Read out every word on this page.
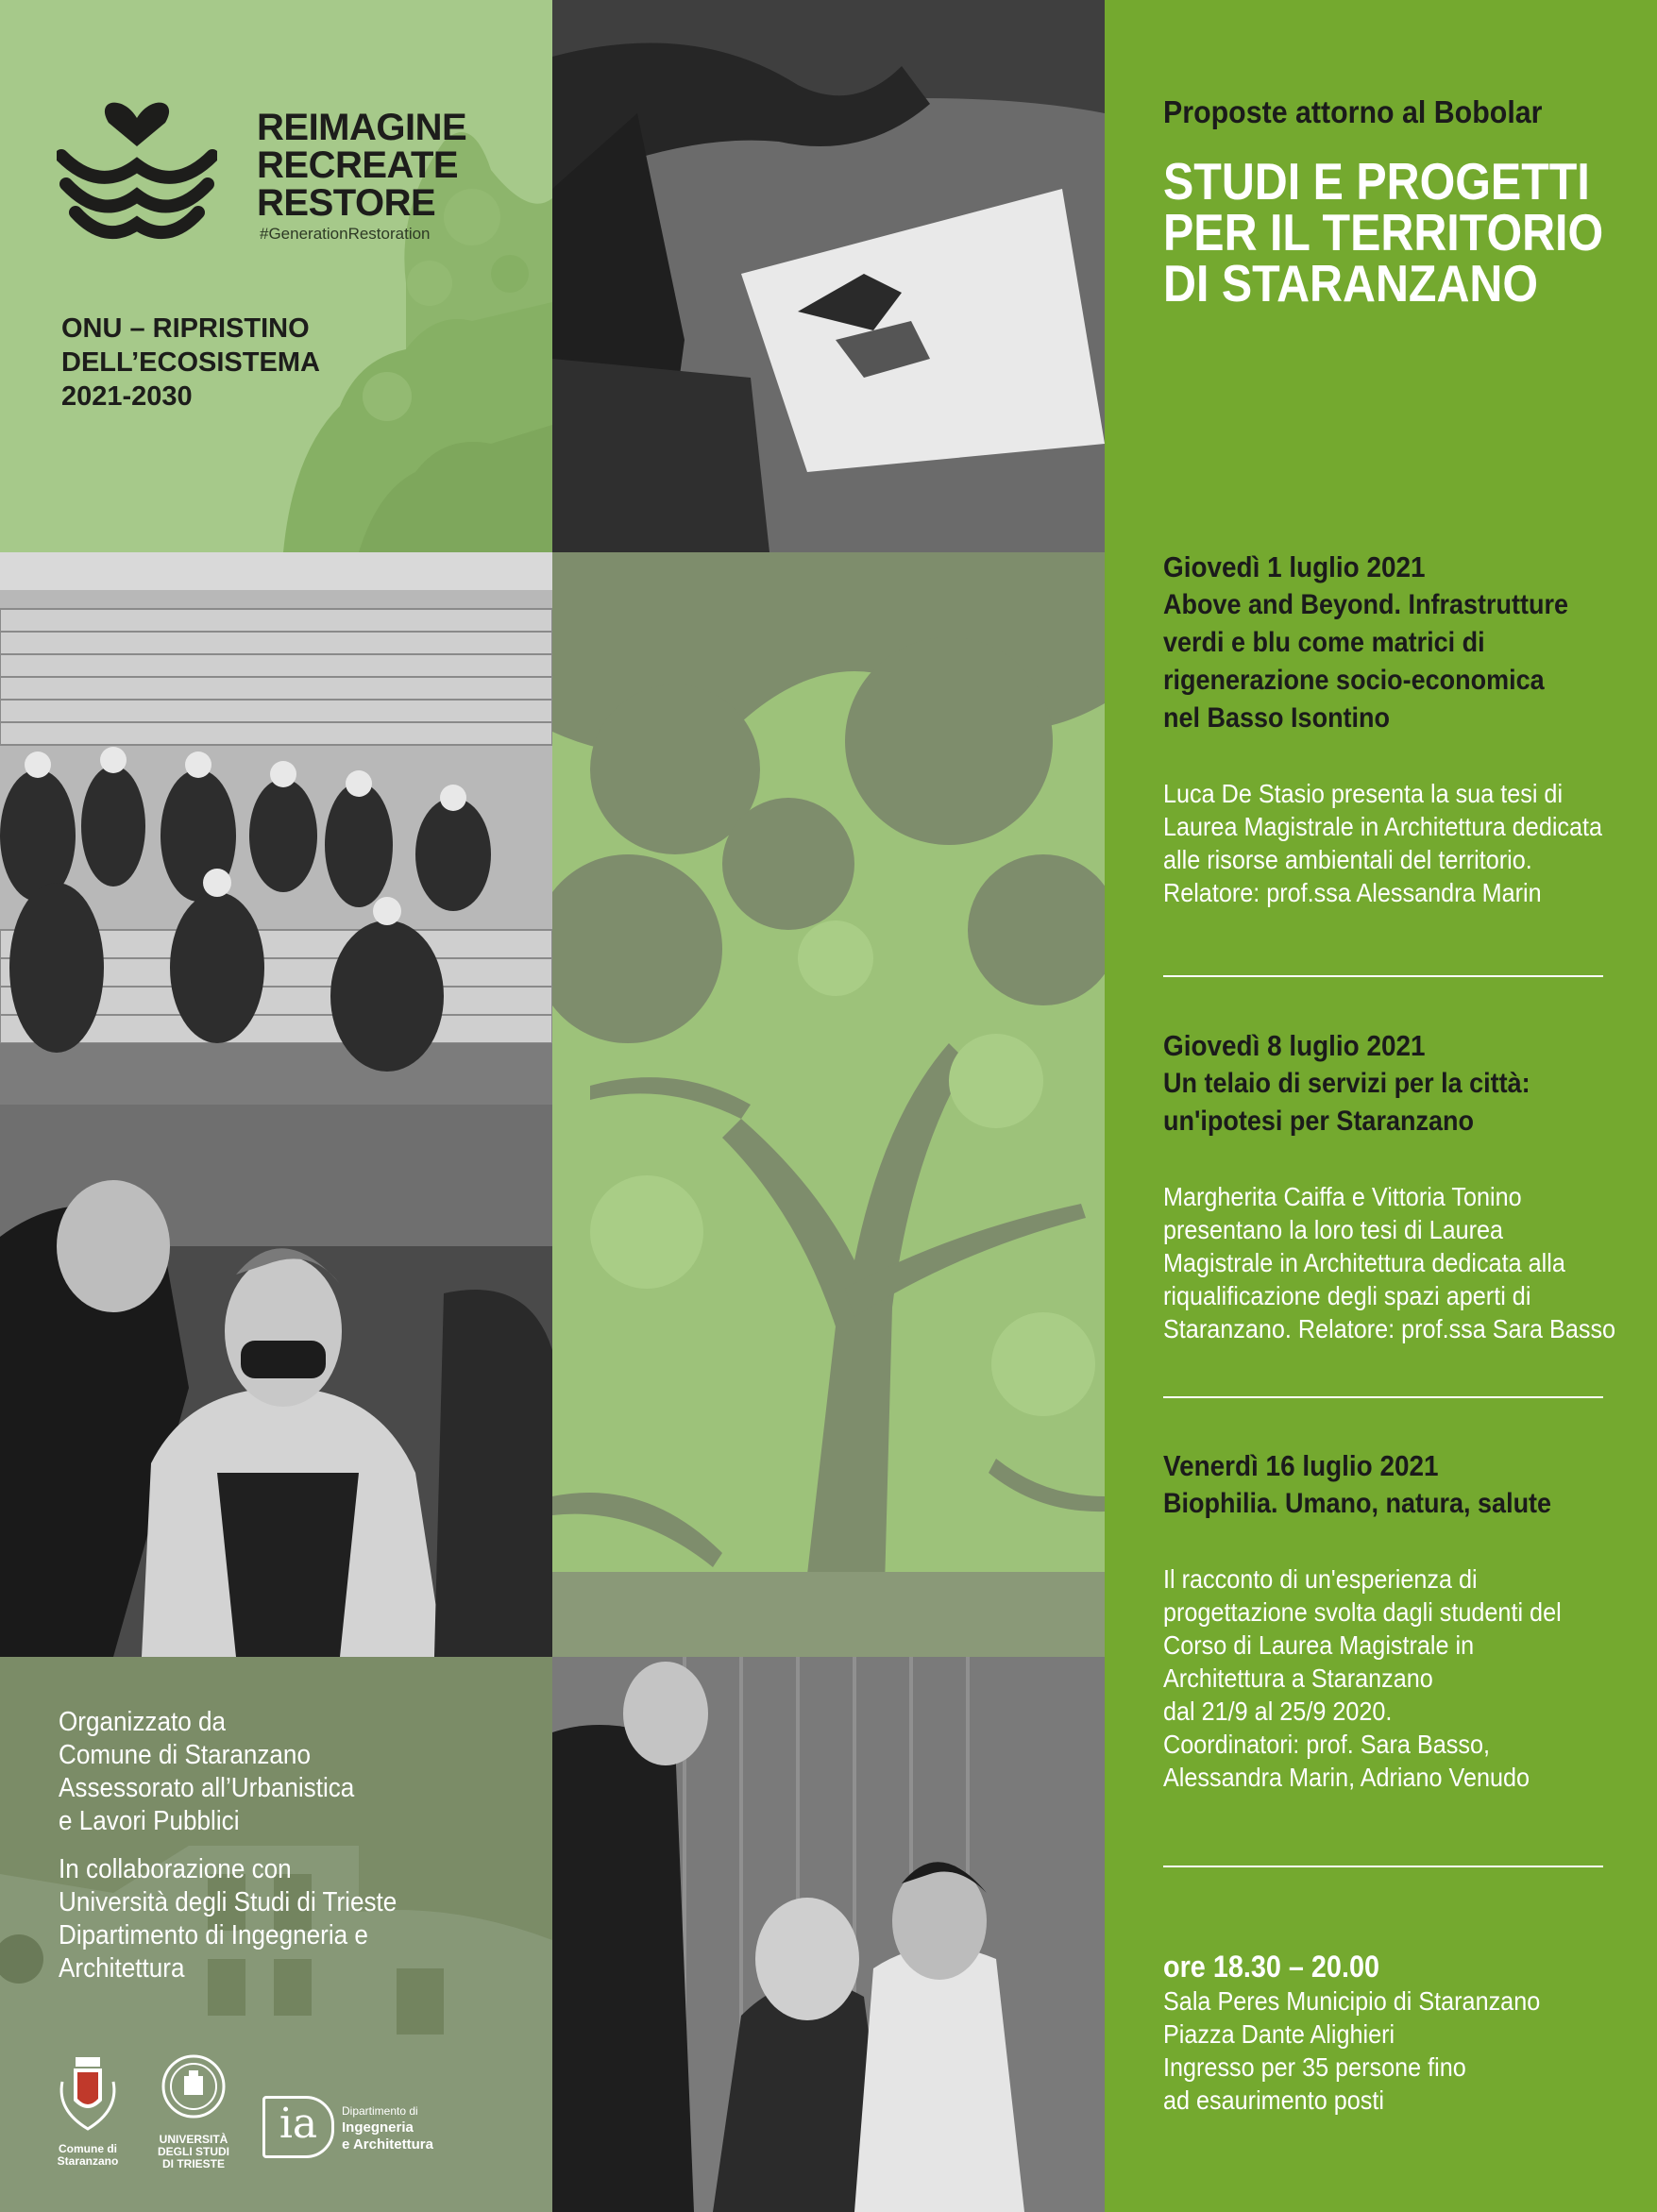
REIMAGINE
RECREATE
RESTORE
#GenerationRestoration
ONU – RIPRISTINO
DELL’ECOSISTEMA
2021-2030
Organizzato da
Comune di Staranzano
Assessorato all’Urbanistica
e Lavori Pubblici
In collaborazione con
Università degli Studi di Trieste
Dipartimento di Ingegneria e
Architettura
Comune di
Staranzano
UNIVERSITÀ
DEGLI STUDI
DI TRIESTE
ia	Dipartimento di
Ingegneria
e Architettura
Proposte attorno al Bobolar
STUDI E PROGETTI
PER IL TERRITORIO
DI STARANZANO
Giovedì 1 luglio 2021
Above and Beyond. Infrastrutture
verdi e blu come matrici di
rigenerazione socio-economica
nel Basso Isontino
Luca De Stasio presenta la sua tesi di
Laurea Magistrale in Architettura dedicata
alle risorse ambientali del territorio.
Relatore: prof.ssa Alessandra Marin
Giovedì 8 luglio 2021
Un telaio di servizi per la città:
un'ipotesi per Staranzano
Margherita Caiffa e Vittoria Tonino
presentano la loro tesi di Laurea
Magistrale in Architettura dedicata alla
riqualificazione degli spazi aperti di
Staranzano. Relatore: prof.ssa Sara Basso
Venerdì 16 luglio 2021
Biophilia. Umano, natura, salute
Il racconto di un'esperienza di
progettazione svolta dagli studenti del
Corso di Laurea Magistrale in
Architettura a Staranzano
dal 21/9 al 25/9 2020.
Coordinatori: prof. Sara Basso,
Alessandra Marin, Adriano Venudo
ore 18.30 – 20.00
Sala Peres Municipio di Staranzano
Piazza Dante Alighieri
Ingresso per 35 persone fino
ad esaurimento posti
